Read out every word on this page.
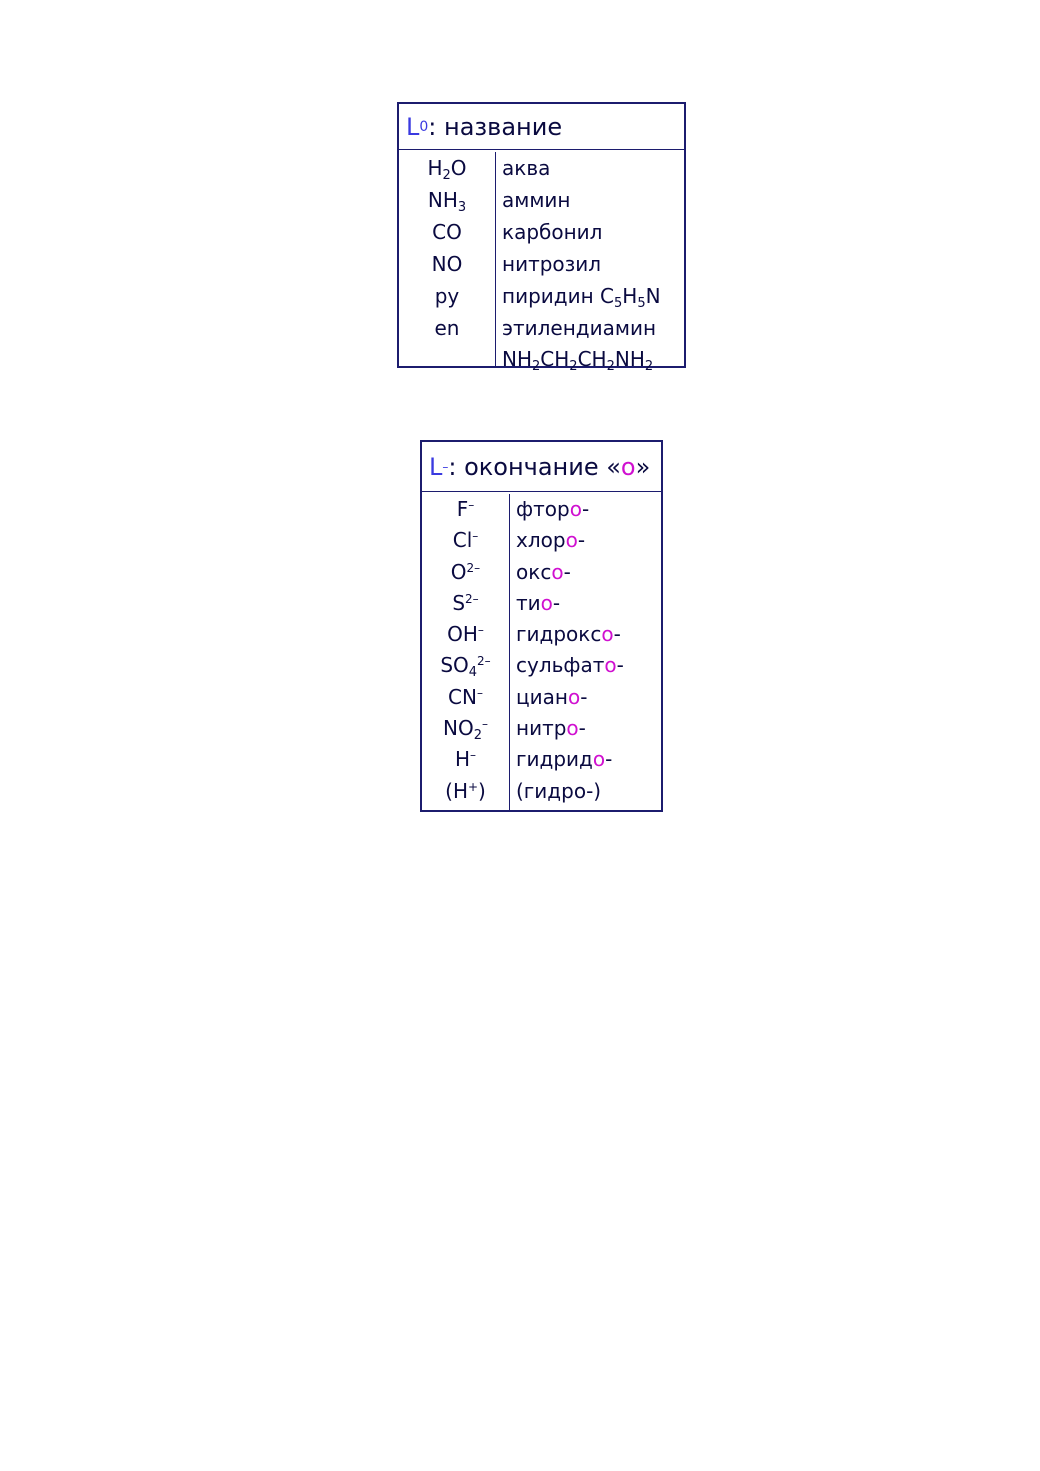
L 0 : название
$H_2O$
$NH_3$
CO
NO
py
en
аква
аммин
карбонил
нитрозил
пиридин $C_5H_5N$
этилендиамин
$NH_2CH_2CH_2NH_2$
L – : окончание « о »
F–
Cl–
$O^{2-}$
$S^{2-}$
OH–
$SO_4^{2-}$
CN–
$NO_2^-$
H–
(H+)
фторо-
хлоро-
оксо-
тио-
гидроксо-
сульфато-
циано-
нитро-
гидридо-
(гидро-)
